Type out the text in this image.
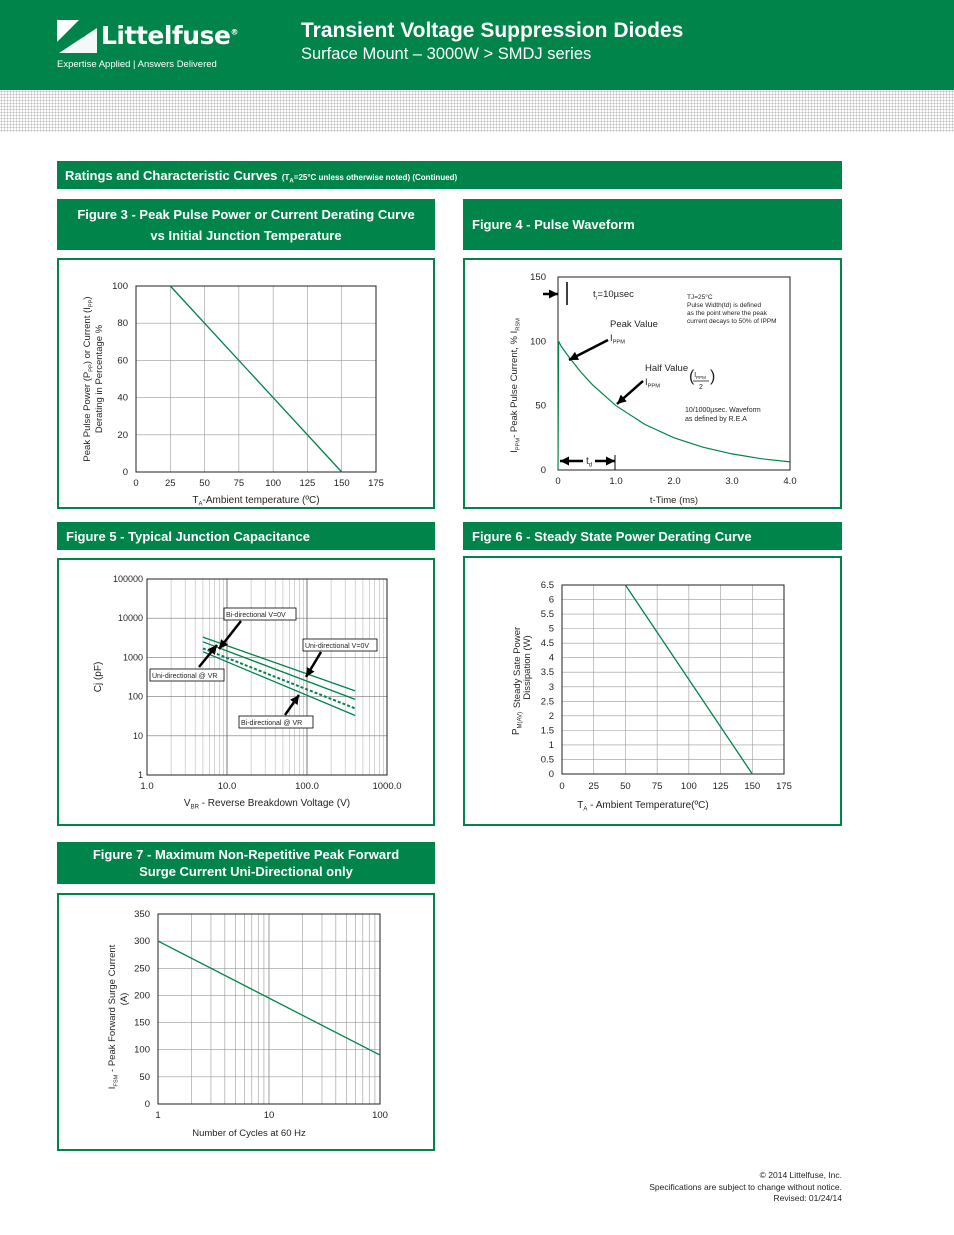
Littelfuse®
Expertise Applied | Answers Delivered
Transient Voltage Suppression Diodes
Surface Mount – 3000W > SMDJ series
Ratings and Characteristic Curves ($T_A=25^\circ C$ unless otherwise noted) (Continued)
Figure 3 - Peak Pulse Power or Current Derating Curve
vs Initial Junction Temperature
0	25 50 75 100 125 150 175
0
20
40
60
80
100
$T_A$-Ambient temperature (ºC)
Peak Pulse Power $(P_{PP})$ or Current $(I_{PP})$
Derating in Percentage %
Figure 4 - Pulse Waveform
0	1.0	2.0	3.0	4.0
0
50
100
150
t-Time (ms)
$I_{PPM}-$ Peak Pulse Current, % $I_{RSM}$
$t_r=10\mu\sec$
Peak Value
$I_{PPM}$
Half Value
$I_{PPM}$
( $I_{PPM}$
2
)
TJ=25°C
Pulse Width(td) is defined
as the point where the peak
current decays to 50% of IPPM
10/1000µsec. Waveform
as defined by R.E.A
$t_d$
Figure 5 - Typical Junction Capacitance
1.0	10.0	100.0	1000.0
1
10
100
1000
10000
100000
Cj (pF)
$V_{BR}$ - Reverse Breakdown Voltage (V)
Bi-directional V=0V
Uni-directional V=0V
Uni-directional @ VR
Bi-directional @ VR
Figure 6 - Steady State Power Derating Curve
0	25 50 75 100 125 150 175
0
0.5
1
1.5
2
2.5
3
3.5
4
4.5
5
5.5
6
6.5
$T_A$ - Ambient Temperature(ºC)
$P_{M(AV)}$
Steady Sate Power Dissipation (W)
Figure 7 - Maximum Non-Repetitive Peak Forward
Surge Current Uni-Directional only
1	10	100
0
50
100
150
200
250
300
350
Number of Cycles at 60 Hz
$I_{FSM}$ - Peak Forward Surge Current (A)
© 2014 Littelfuse, Inc.
Specifications are subject to change without notice.
Revised: 01/24/14
